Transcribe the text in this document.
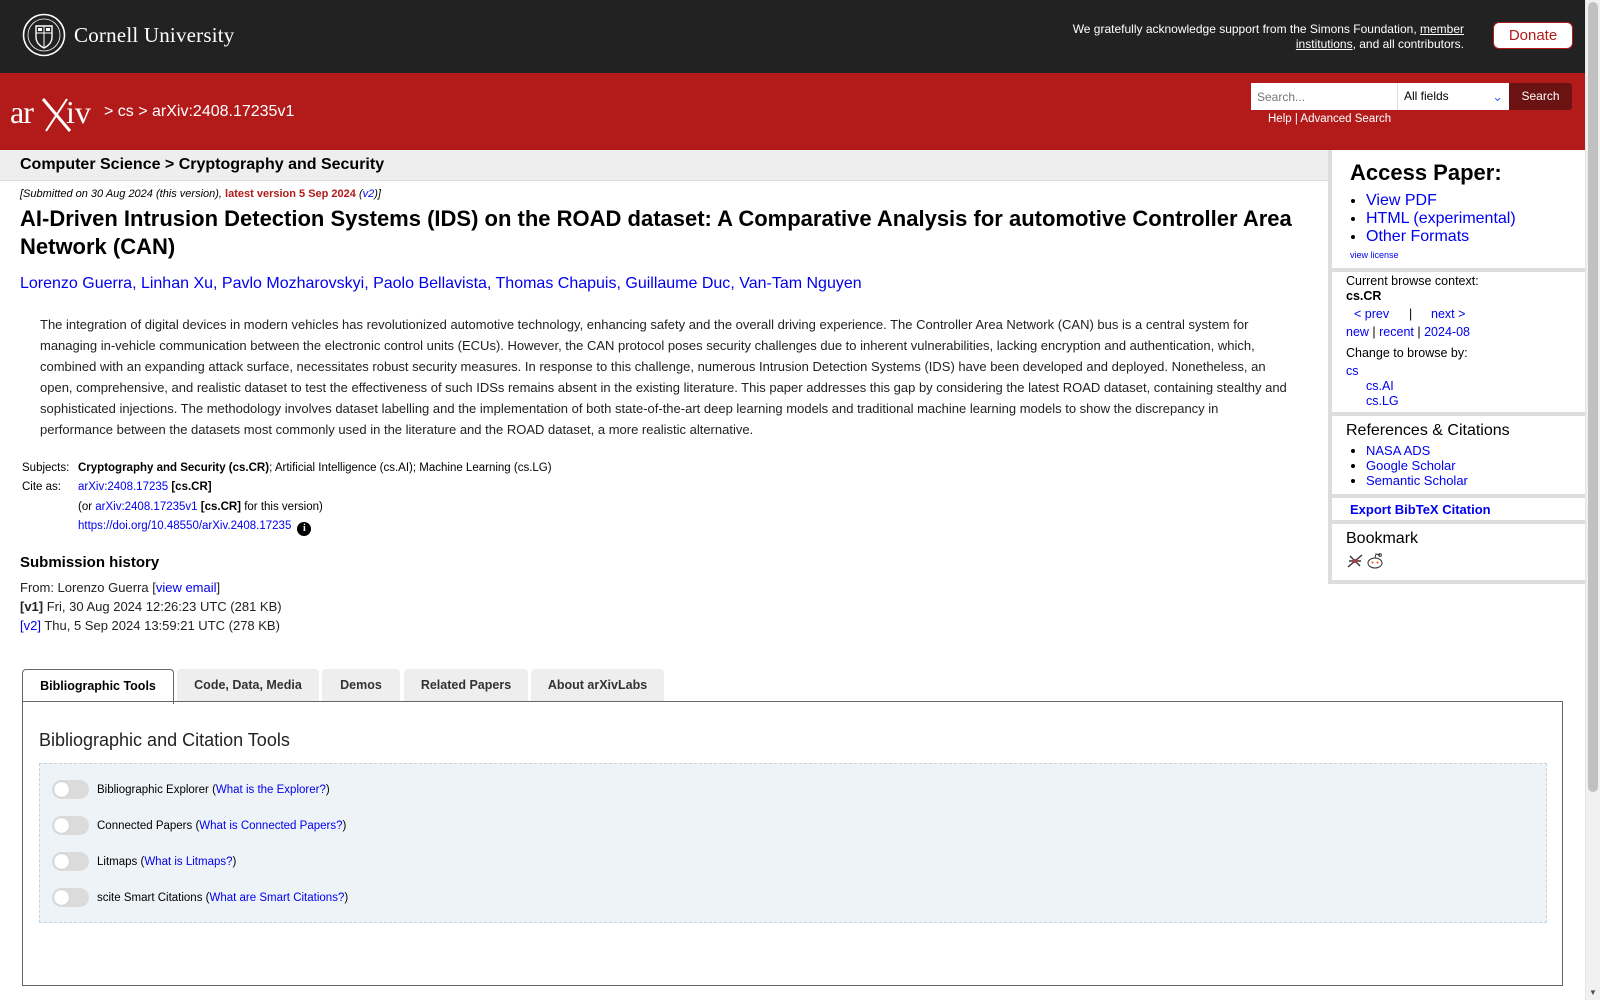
Cornell University	We gratefully acknowledge support from the Simons Foundation, member institutions, and all contributors.	Donate
ar iv > cs > arXiv:2408.17235v1
Search...
All fields	⌄	Search
Help | Advanced Search
Computer Science > Cryptography and Security
[Submitted on 30 Aug 2024 (this version), latest version 5 Sep 2024 (v2)]
AI-Driven Intrusion Detection Systems (IDS) on the ROAD dataset: A Comparative Analysis for automotive Controller Area Network (CAN)
Lorenzo Guerra, Linhan Xu, Pavlo Mozharovskyi, Paolo Bellavista, Thomas Chapuis, Guillaume Duc, Van-Tam Nguyen

The integration of digital devices in modern vehicles has revolutionized automotive technology, enhancing safety and the overall driving experience. The Controller Area Network (CAN) bus is a central system for managing in-vehicle communication between the electronic control units (ECUs). However, the CAN protocol poses security challenges due to inherent vulnerabilities, lacking encryption and authentication, which, combined with an expanding attack surface, necessitates robust security measures. In response to this challenge, numerous Intrusion Detection Systems (IDS) have been developed and deployed. Nonetheless, an open, comprehensive, and realistic dataset to test the effectiveness of such IDSs remains absent in the existing literature. This paper addresses this gap by considering the latest ROAD dataset, containing stealthy and sophisticated injections. The methodology involves dataset labelling and the implementation of both state-of-the-art deep learning models and traditional machine learning models to show the discrepancy in performance between the datasets most commonly used in the literature and the ROAD dataset, a more realistic alternative.

Subjects: Cryptography and Security (cs.CR); Artificial Intelligence (cs.AI); Machine Learning (cs.LG)
Cite as: arXiv:2408.17235 [cs.CR]
(or arXiv:2408.17235v1 [cs.CR] for this version)
https://doi.org/10.48550/arXiv.2408.17235 i
Submission history
From: Lorenzo Guerra [view email]
[v1] Fri, 30 Aug 2024 12:26:23 UTC (281 KB)
[v2] Thu, 5 Sep 2024 13:59:21 UTC (278 KB)
Access Paper:
• View PDF
• HTML (experimental)
• Other Formats
view license
Current browse context:
cs.CR
< prev | next >
new | recent | 2024-08
Change to browse by:
cs
cs.AI
cs.LG
References & Citations
• NASA ADS
• Google Scholar
• Semantic Scholar
Export BibTeX Citation
Bookmark
Bibliographic Tools	Code, Data, Media	Demos	Related Papers	About arXivLabs
Bibliographic and Citation Tools
Bibliographic Explorer ( What is the Explorer? )
Connected Papers ( What is Connected Papers? )
Litmaps ( What is Litmaps? )
scite Smart Citations ( What are Smart Citations? )
▼
